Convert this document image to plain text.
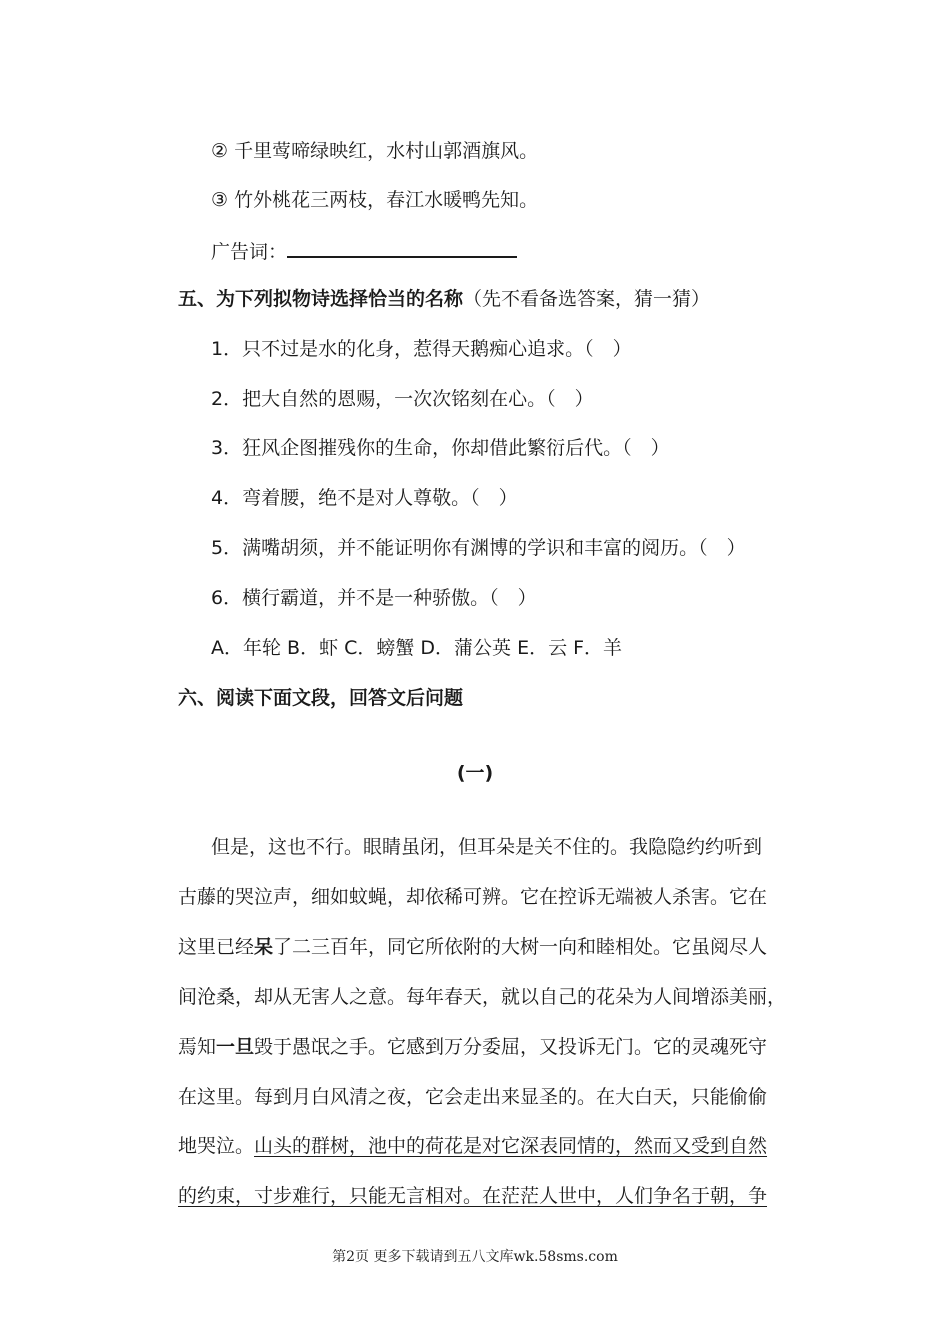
② 千里莺啼绿映红，水村山郭酒旗风。
③ 竹外桃花三两枝，春江水暖鸭先知。
广告词：
五、为下列拟物诗选择恰当的名称（先不看备选答案，猜一猜）
1．只不过是水的化身，惹得天鹅痴心追求。（　）
2．把大自然的恩赐，一次次铭刻在心。（　）
3．狂风企图摧残你的生命，你却借此繁衍后代。（　）
4．弯着腰，绝不是对人尊敬。（　）
5．满嘴胡须，并不能证明你有渊博的学识和丰富的阅历。（　）
6．横行霸道，并不是一种骄傲。（　）
A．年轮 B．虾 C．螃蟹 D．蒲公英 E．云 F．羊
六、阅读下面文段，回答文后问题
(一)
但是，这也不行。眼睛虽闭，但耳朵是关不住的。我隐隐约约听到
古藤的哭泣声，细如蚊蝇，却依稀可辨。它在控诉无端被人杀害。它在
这里已经呆了二三百年，同它所依附的大树一向和睦相处。它虽阅尽人
间沧桑，却从无害人之意。每年春天，就以自己的花朵为人间增添美丽，
焉知一旦毁于愚氓之手。它感到万分委屈，又投诉无门。它的灵魂死守
在这里。每到月白风清之夜，它会走出来显圣的。在大白天，只能偷偷
地哭泣。山头的群树，池中的荷花是对它深表同情的，然而又受到自然
的约束，寸步难行，只能无言相对。在茫茫人世中，人们争名于朝，争
第2页 更多下载请到五八文库wk.58sms.com
